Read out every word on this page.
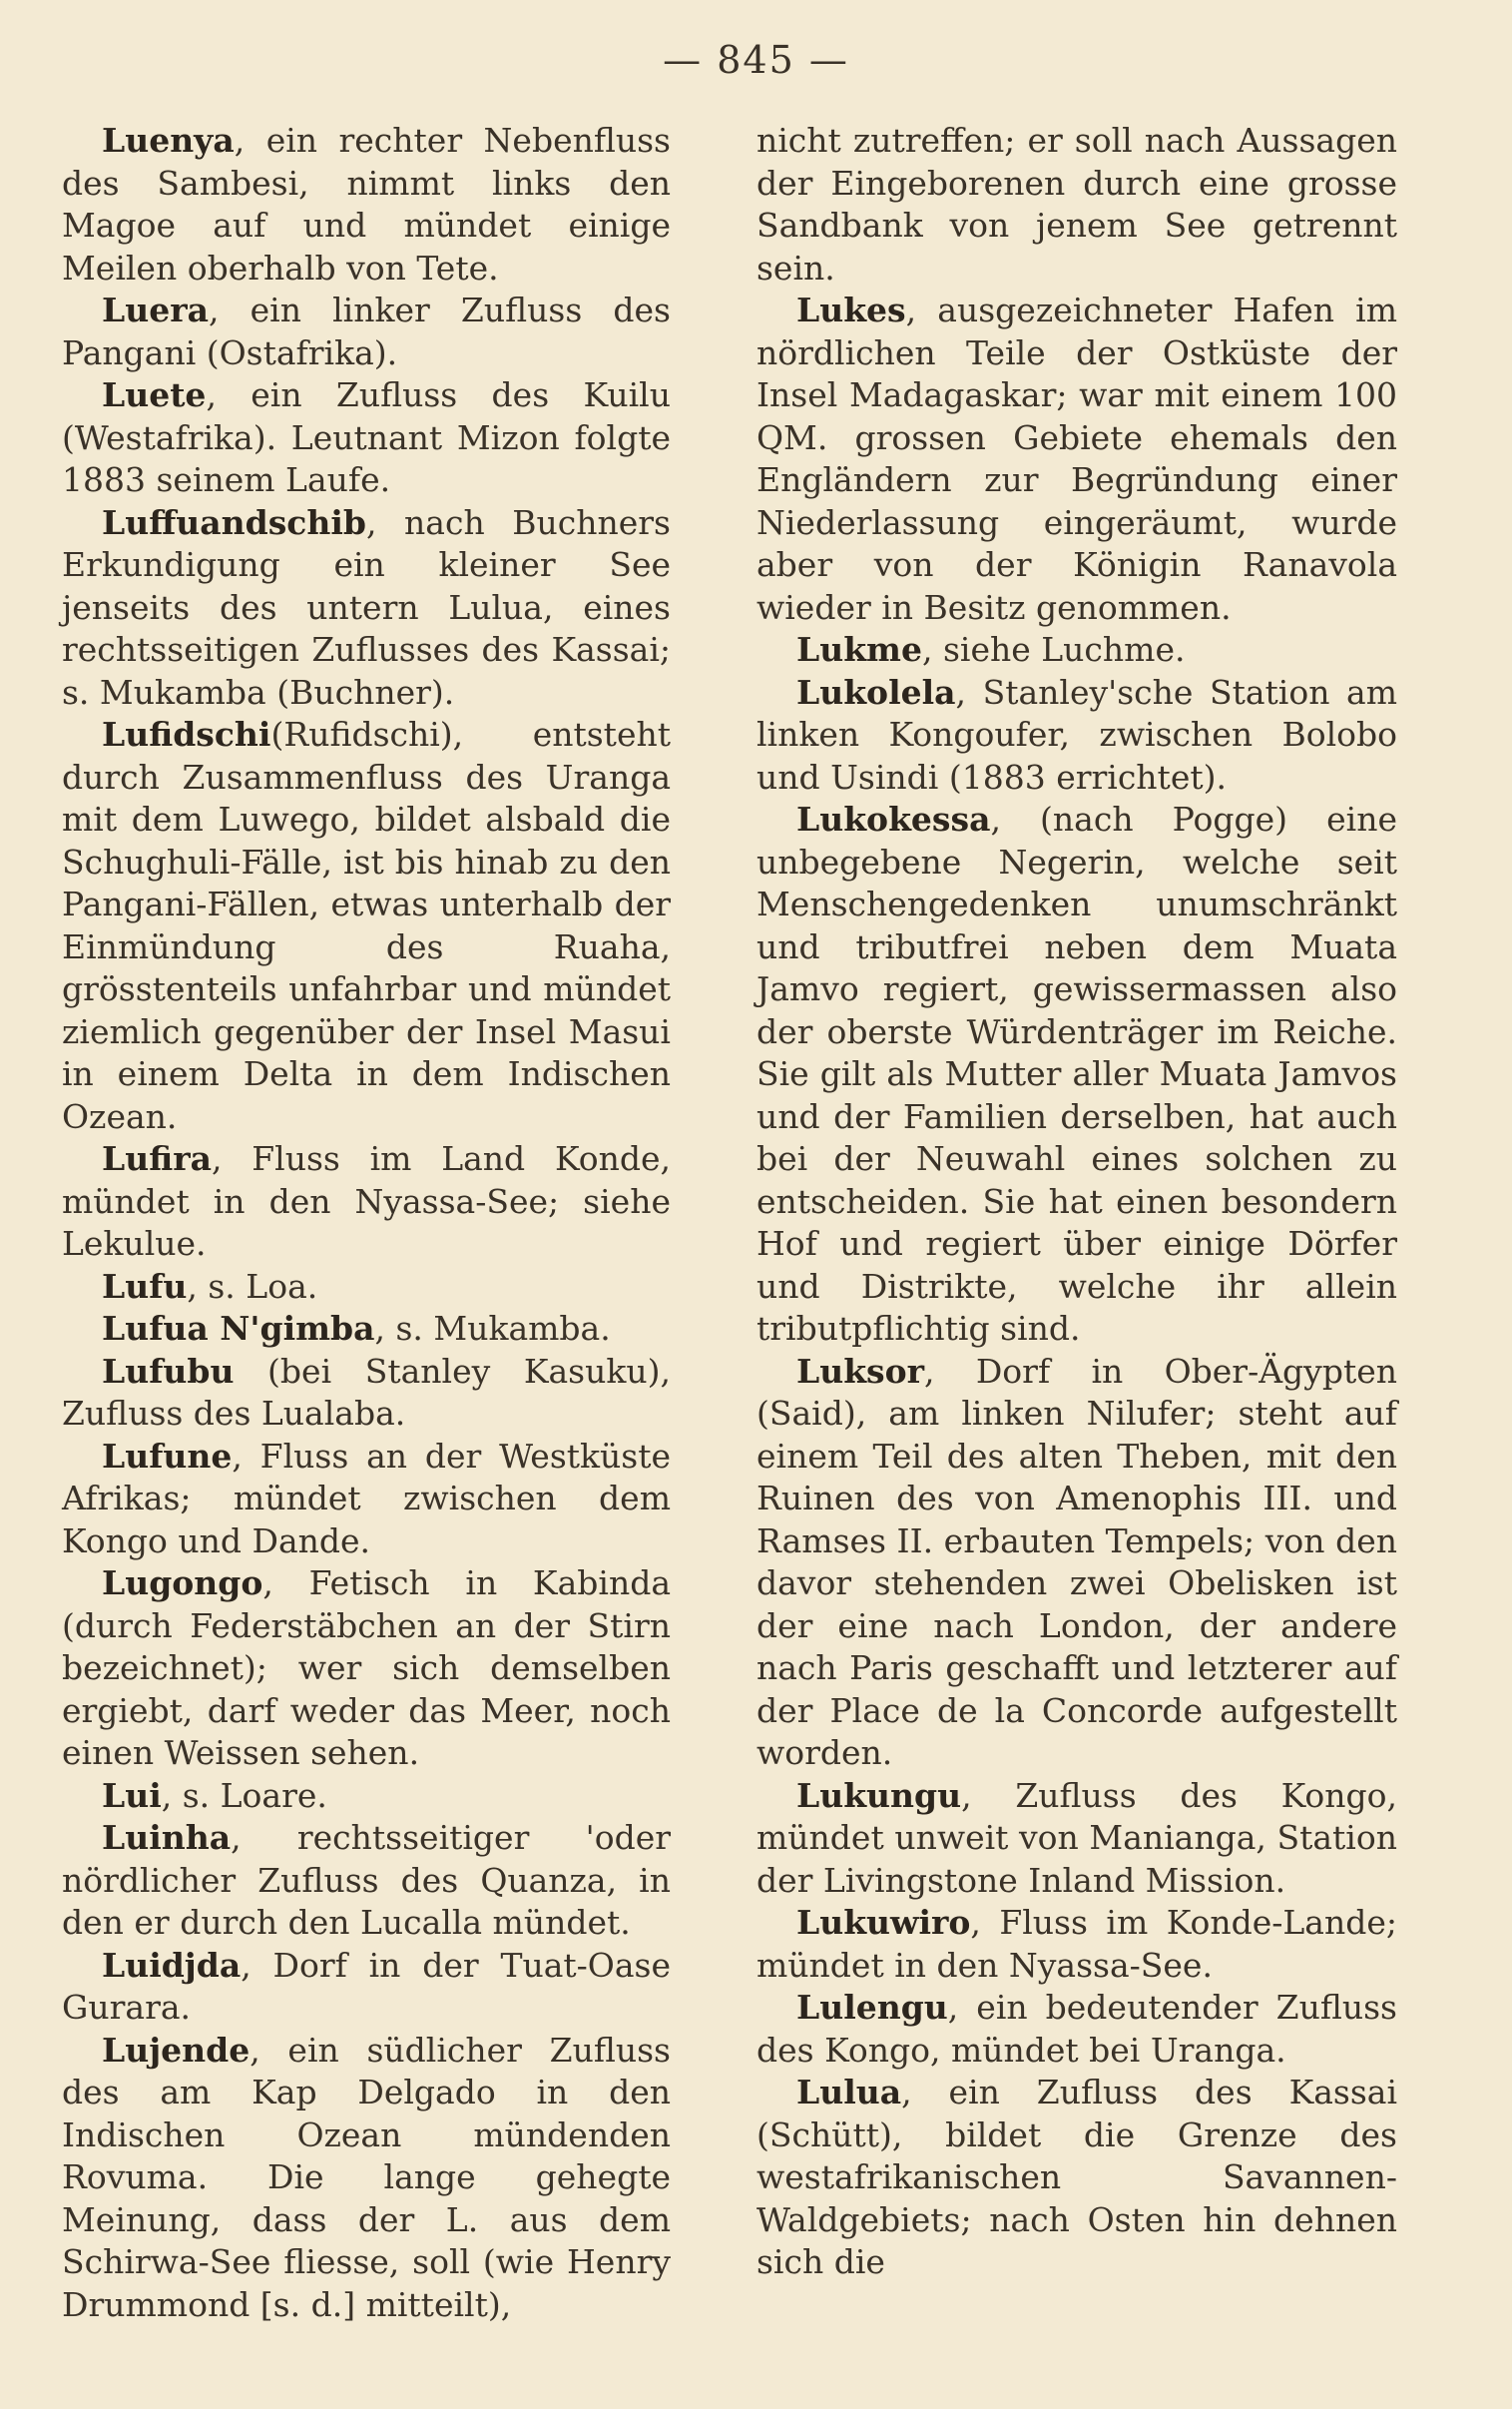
— 845 —

Luenya, ein rechter Nebenfluss des Sambesi, nimmt links den Magoe auf und mündet einige Meilen oberhalb von Tete.

Luera, ein linker Zufluss des Pangani (Ostafrika).

Luete, ein Zufluss des Kuilu (Westafrika). Leutnant Mizon folgte 1883 seinem Laufe.

Luffuandschib, nach Buchners Erkundigung ein kleiner See jenseits des untern Lulua, eines rechtsseitigen Zuflusses des Kassai; s. Mukamba (Buchner).

Lufidschi(Rufidschi), entsteht durch Zusammenfluss des Uranga mit dem Luwego, bildet alsbald die Schughuli-Fälle, ist bis hinab zu den Pangani-Fällen, etwas unterhalb der Einmündung des Ruaha, grösstenteils unfahrbar und mündet ziemlich gegenüber der Insel Masui in einem Delta in dem Indischen Ozean.

Lufira, Fluss im Land Konde, mündet in den Nyassa-See; siehe Lekulue.

Lufu, s. Loa.

Lufua N'gimba, s. Mukamba.

Lufubu (bei Stanley Kasuku), Zufluss des Lualaba.

Lufune, Fluss an der Westküste Afrikas; mündet zwischen dem Kongo und Dande.

Lugongo, Fetisch in Kabinda (durch Federstäbchen an der Stirn bezeichnet); wer sich demselben ergiebt, darf weder das Meer, noch einen Weissen sehen.

Lui, s. Loare.

Luinha, rechtsseitiger 'oder nördlicher Zufluss des Quanza, in den er durch den Lucalla mündet.

Luidjda, Dorf in der Tuat-Oase Gurara.

Lujende, ein südlicher Zufluss des am Kap Delgado in den Indischen Ozean mündenden Rovuma. Die lange gehegte Meinung, dass der L. aus dem Schirwa-See fliesse, soll (wie Henry Drummond [s. d.] mitteilt),

nicht zutreffen; er soll nach Aussagen der Eingeborenen durch eine grosse Sandbank von jenem See getrennt sein.

Lukes, ausgezeichneter Hafen im nördlichen Teile der Ostküste der Insel Madagaskar; war mit einem 100 QM. grossen Gebiete ehemals den Engländern zur Begründung einer Niederlassung eingeräumt, wurde aber von der Königin Ranavola wieder in Besitz genommen.

Lukme, siehe Luchme.

Lukolela, Stanley'sche Station am linken Kongoufer, zwischen Bolobo und Usindi (1883 errichtet).

Lukokessa, (nach Pogge) eine unbegebene Negerin, welche seit Menschengedenken unumschränkt und tributfrei neben dem Muata Jamvo regiert, gewissermassen also der oberste Würdenträger im Reiche. Sie gilt als Mutter aller Muata Jamvos und der Familien derselben, hat auch bei der Neuwahl eines solchen zu entscheiden. Sie hat einen besondern Hof und regiert über einige Dörfer und Distrikte, welche ihr allein tributpflichtig sind.

Luksor, Dorf in Ober-Ägypten (Said), am linken Nilufer; steht auf einem Teil des alten Theben, mit den Ruinen des von Amenophis III. und Ramses II. erbauten Tempels; von den davor stehenden zwei Obelisken ist der eine nach London, der andere nach Paris geschafft und letzterer auf der Place de la Concorde aufgestellt worden.

Lukungu, Zufluss des Kongo, mündet unweit von Manianga, Station der Livingstone Inland Mission.

Lukuwiro, Fluss im Konde-Lande; mündet in den Nyassa-See.

Lulengu, ein bedeutender Zufluss des Kongo, mündet bei Uranga.

Lulua, ein Zufluss des Kassai (Schütt), bildet die Grenze des westafrikanischen Savannen-Waldgebiets; nach Osten hin dehnen sich die
